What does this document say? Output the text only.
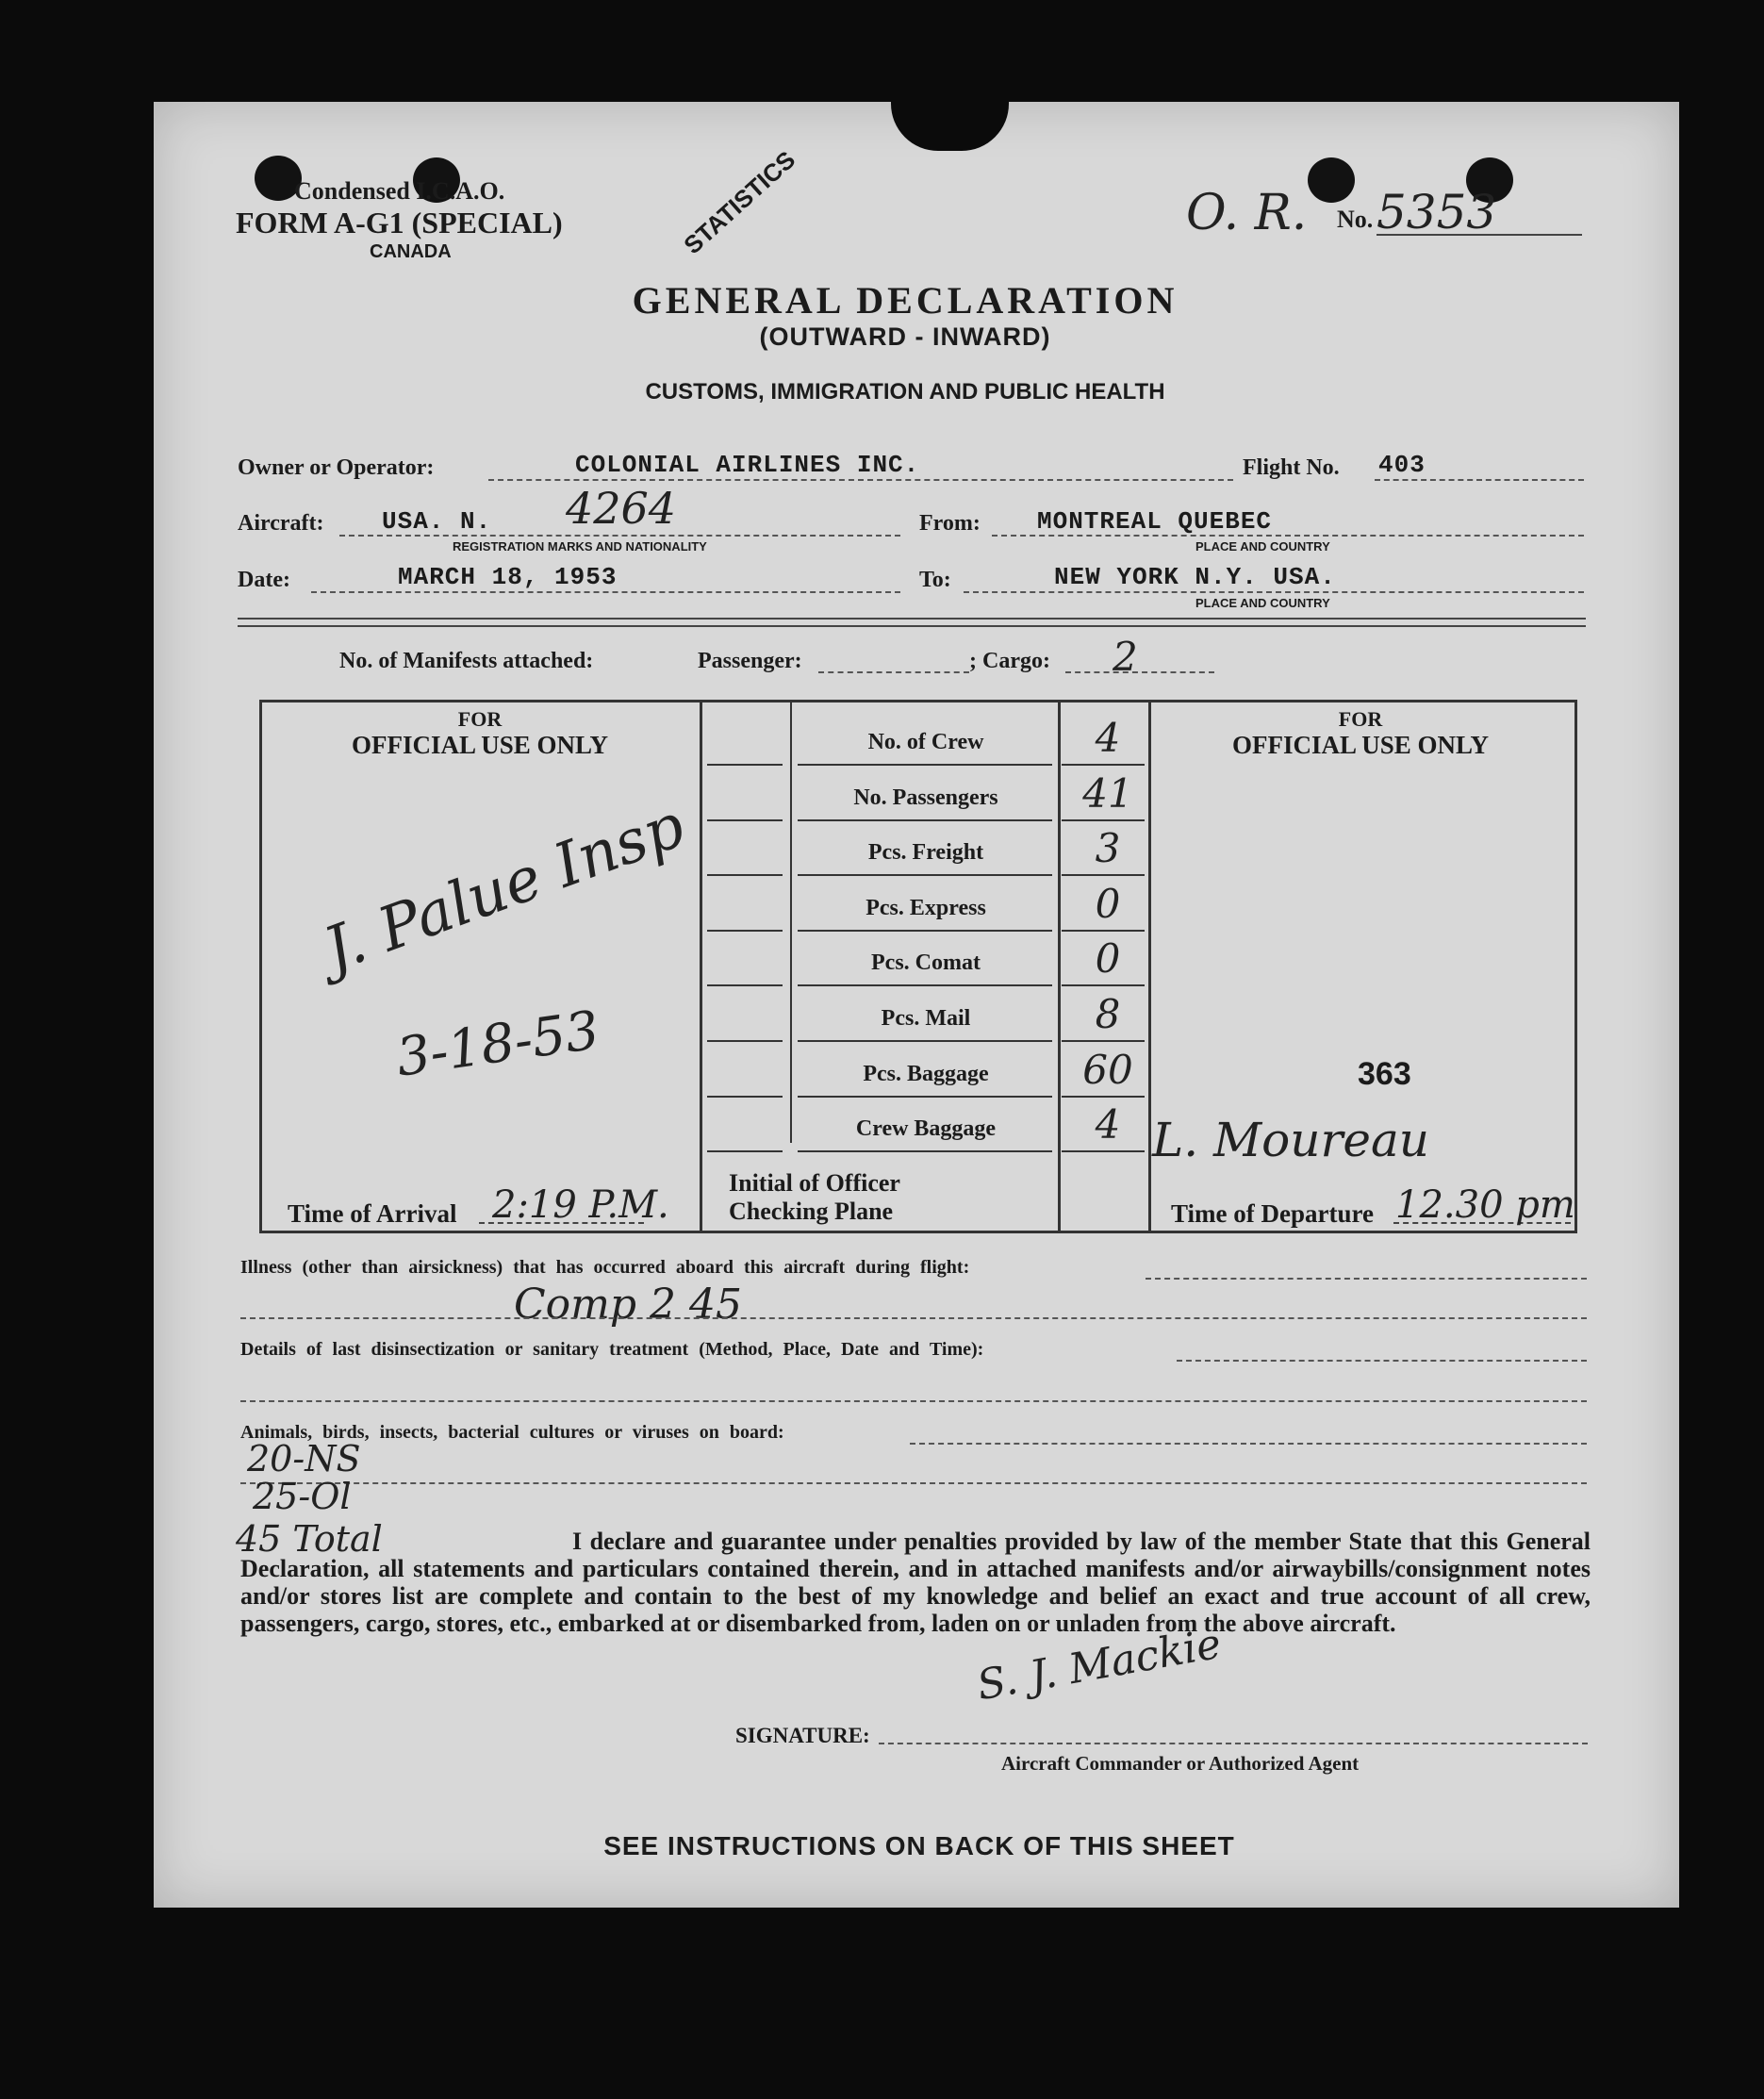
Condensed I.C.A.O.
FORM A-G1 (SPECIAL)
CANADA	STATISTICS	O. R. No. 5353
GENERAL DECLARATION
(OUTWARD - INWARD)
CUSTOMS, IMMIGRATION AND PUBLIC HEALTH
Owner or Operator:	COLONIAL AIRLINES INC.	Flight No. 403
Aircraft: USA. N. 4264
REGISTRATION MARKS AND NATIONALITY
From: MONTREAL QUEBEC
PLACE AND COUNTRY
Date:	MARCH 18, 1953	To:	NEW YORK N.Y. USA.
PLACE AND COUNTRY
No. of Manifests attached:	Passenger:	; Cargo: 2
FOR
OFFICIAL USE ONLY
J. Palue Insp
3-18-53
Time of Arrival 2:19 P.M.
No. of Crew	4
No. Passengers	41
Pcs. Freight	3
Pcs. Express	0
Pcs. Comat	0
Pcs. Mail	8
Pcs. Baggage	60
Crew Baggage	4
Initial of Officer
Checking Plane
FOR
OFFICIAL USE ONLY
363
L. Moureau
Time of Departure 12.30 pm
Illness (other than airsickness) that has occurred aboard this aircraft during flight:
Comp 2 45
Details of last disinsectization or sanitary treatment (Method, Place, Date and Time):
Animals, birds, insects, bacterial cultures or viruses on board:
20-NS
25-Ol
45 Total	I declare and guarantee under penalties provided by law of the member State that this General Declaration, all statements and particulars contained therein, and in attached manifests and/or airwaybills/consignment notes and/or stores list are complete and contain to the best of my knowledge and belief an exact and true account of all crew, passengers, cargo, stores, etc., embarked at or disembarked from, laden on or unladen from the above aircraft.
S. J. Mackie
SIGNATURE:
Aircraft Commander or Authorized Agent
SEE INSTRUCTIONS ON BACK OF THIS SHEET
